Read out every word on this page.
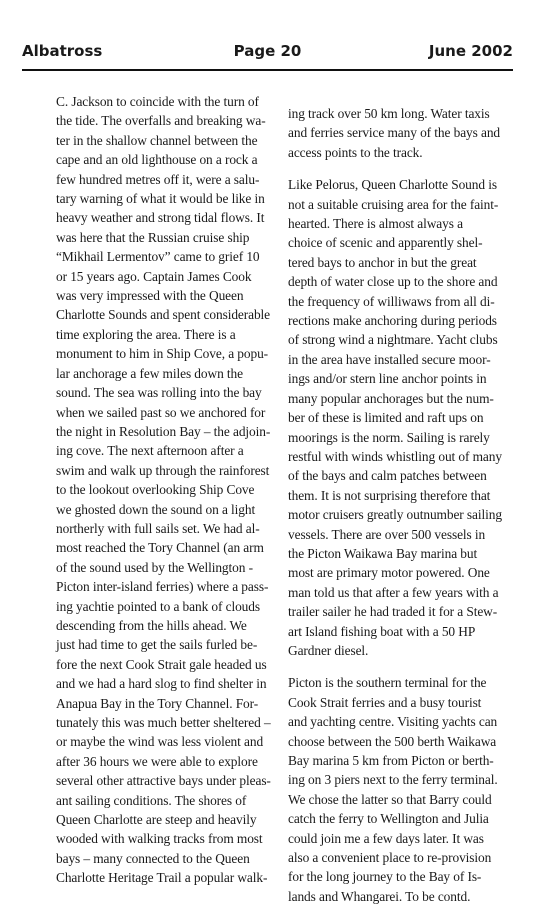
Albatross	Page 20	June 2002

C. Jackson to coincide with the turn of
the tide. The overfalls and breaking wa-
ter in the shallow channel between the
cape and an old lighthouse on a rock a
few hundred metres off it, were a salu-
tary warning of what it would be like in
heavy weather and strong tidal flows. It
was here that the Russian cruise ship
“Mikhail Lermentov” came to grief 10
or 15 years ago. Captain James Cook
was very impressed with the Queen
Charlotte Sounds and spent considerable
time exploring the area. There is a
monument to him in Ship Cove, a popu-
lar anchorage a few miles down the
sound. The sea was rolling into the bay
when we sailed past so we anchored for
the night in Resolution Bay – the adjoin-
ing cove. The next afternoon after a
swim and walk up through the rainforest
to the lookout overlooking Ship Cove
we ghosted down the sound on a light
northerly with full sails set. We had al-
most reached the Tory Channel (an arm
of the sound used by the Wellington -
Picton inter-island ferries) where a pass-
ing yachtie pointed to a bank of clouds
descending from the hills ahead. We
just had time to get the sails furled be-
fore the next Cook Strait gale headed us
and we had a hard slog to find shelter in
Anapua Bay in the Tory Channel. For-
tunately this was much better sheltered –
or maybe the wind was less violent and
after 36 hours we were able to explore
several other attractive bays under pleas-
ant sailing conditions. The shores of
Queen Charlotte are steep and heavily
wooded with walking tracks from most
bays – many connected to the Queen
Charlotte Heritage Trail a popular walk-

ing track over 50 km long. Water taxis
and ferries service many of the bays and
access points to the track.

Like Pelorus, Queen Charlotte Sound is
not a suitable cruising area for the faint-
hearted. There is almost always a
choice of scenic and apparently shel-
tered bays to anchor in but the great
depth of water close up to the shore and
the frequency of williwaws from all di-
rections make anchoring during periods
of strong wind a nightmare. Yacht clubs
in the area have installed secure moor-
ings and/or stern line anchor points in
many popular anchorages but the num-
ber of these is limited and raft ups on
moorings is the norm. Sailing is rarely
restful with winds whistling out of many
of the bays and calm patches between
them. It is not surprising therefore that
motor cruisers greatly outnumber sailing
vessels. There are over 500 vessels in
the Picton Waikawa Bay marina but
most are primary motor powered. One
man told us that after a few years with a
trailer sailer he had traded it for a Stew-
art Island fishing boat with a 50 HP
Gardner diesel.

Picton is the southern terminal for the
Cook Strait ferries and a busy tourist
and yachting centre. Visiting yachts can
choose between the 500 berth Waikawa
Bay marina 5 km from Picton or berth-
ing on 3 piers next to the ferry terminal.
We chose the latter so that Barry could
catch the ferry to Wellington and Julia
could join me a few days later. It was
also a convenient place to re-provision
for the long journey to the Bay of Is-
lands and Whangarei. To be contd.
